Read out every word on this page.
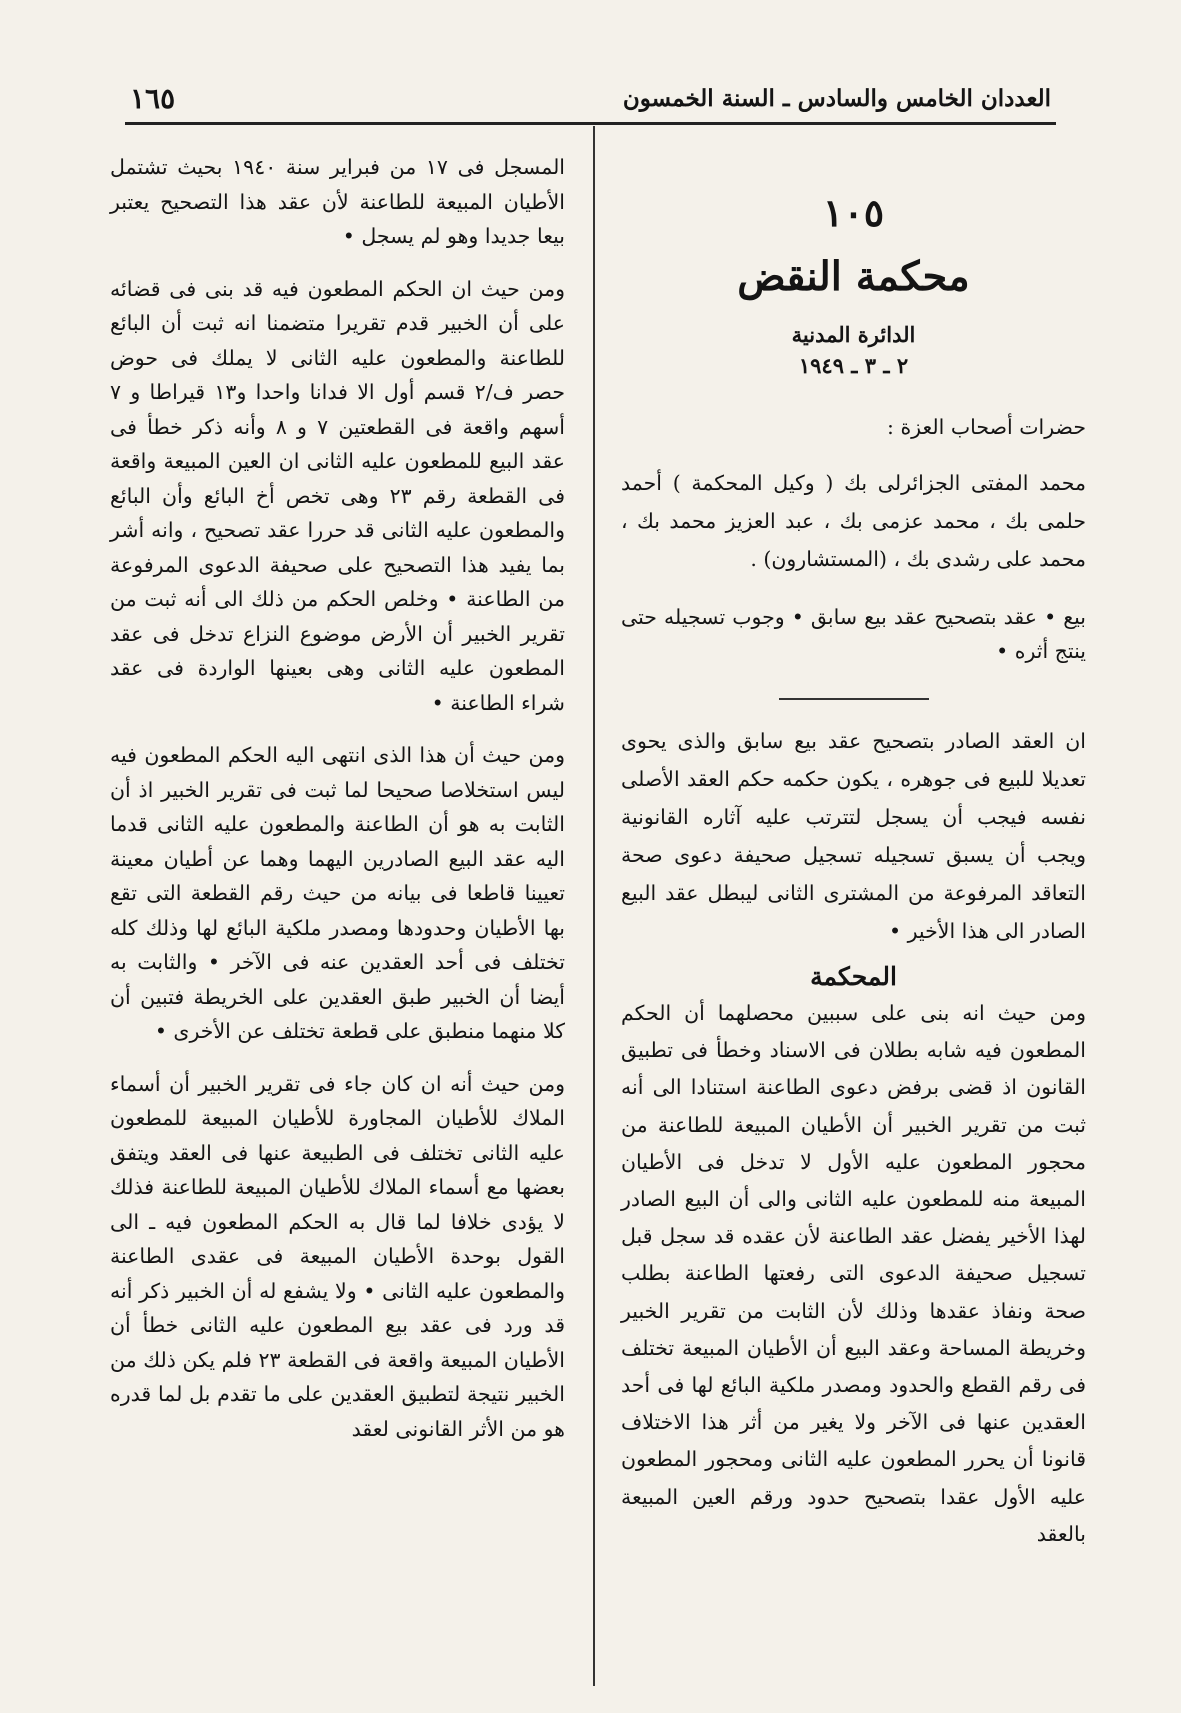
العددان الخامس والسادس ـ السنة الخمسون
١٦٥
١٠٥
محكمة النقض
الدائرة المدنية
٢ ـ ٣ ـ ١٩٤٩

حضرات أصحاب العزة :

محمد المفتى الجزائرلى بك ( وكيل المحكمة ) أحمد حلمى بك ، محمد عزمى بك ، عبد العزيز محمد بك ، محمد على رشدى بك ، (المستشارون) .

بيع • عقد بتصحيح عقد بيع سابق • وجوب تسجيله حتى ينتج أثره •

ان العقد الصادر بتصحيح عقد بيع سابق والذى يحوى تعديلا للبيع فى جوهره ، يكون حكمه حكم العقد الأصلى نفسه فيجب أن يسجل لتترتب عليه آثاره القانونية ويجب أن يسبق تسجيله تسجيل صحيفة دعوى صحة التعاقد المرفوعة من المشترى الثانى ليبطل عقد البيع الصادر الى هذا الأخير •

المحكمة

ومن حيث انه بنى على سببين محصلهما أن الحكم المطعون فيه شابه بطلان فى الاسناد وخطأ فى تطبيق القانون اذ قضى برفض دعوى الطاعنة استنادا الى أنه ثبت من تقرير الخبير أن الأطيان المبيعة للطاعنة من محجور المطعون عليه الأول لا تدخل فى الأطيان المبيعة منه للمطعون عليه الثانى والى أن البيع الصادر لهذا الأخير يفضل عقد الطاعنة لأن عقده قد سجل قبل تسجيل صحيفة الدعوى التى رفعتها الطاعنة بطلب صحة ونفاذ عقدها وذلك لأن الثابت من تقرير الخبير وخريطة المساحة وعقد البيع أن الأطيان المبيعة تختلف فى رقم القطع والحدود ومصدر ملكية البائع لها فى أحد العقدين عنها فى الآخر ولا يغير من أثر هذا الاختلاف قانونا أن يحرر المطعون عليه الثانى ومحجور المطعون عليه الأول عقدا بتصحيح حدود ورقم العين المبيعة بالعقد

المسجل فى ١٧ من فبراير سنة ١٩٤٠ بحيث تشتمل الأطيان المبيعة للطاعنة لأن عقد هذا التصحيح يعتبر بيعا جديدا وهو لم يسجل •

ومن حيث ان الحكم المطعون فيه قد بنى فى قضائه على أن الخبير قدم تقريرا متضمنا انه ثبت أن البائع للطاعنة والمطعون عليه الثانى لا يملك فى حوض حصر ف/٢ قسم أول الا فدانا واحدا و١٣ قيراطا و ٧ أسهم واقعة فى القطعتين ٧ و ٨ وأنه ذكر خطأ فى عقد البيع للمطعون عليه الثانى ان العين المبيعة واقعة فى القطعة رقم ٢٣ وهى تخص أخ البائع وأن البائع والمطعون عليه الثانى قد حررا عقد تصحيح ، وانه أشر بما يفيد هذا التصحيح على صحيفة الدعوى المرفوعة من الطاعنة • وخلص الحكم من ذلك الى أنه ثبت من تقرير الخبير أن الأرض موضوع النزاع تدخل فى عقد المطعون عليه الثانى وهى بعينها الواردة فى عقد شراء الطاعنة •

ومن حيث أن هذا الذى انتهى اليه الحكم المطعون فيه ليس استخلاصا صحيحا لما ثبت فى تقرير الخبير اذ أن الثابت به هو أن الطاعنة والمطعون عليه الثانى قدما اليه عقد البيع الصادرين اليهما وهما عن أطيان معينة تعيينا قاطعا فى بيانه من حيث رقم القطعة التى تقع بها الأطيان وحدودها ومصدر ملكية البائع لها وذلك كله تختلف فى أحد العقدين عنه فى الآخر • والثابت به أيضا أن الخبير طبق العقدين على الخريطة فتبين أن كلا منهما منطبق على قطعة تختلف عن الأخرى •

ومن حيث أنه ان كان جاء فى تقرير الخبير أن أسماء الملاك للأطيان المجاورة للأطيان المبيعة للمطعون عليه الثانى تختلف فى الطبيعة عنها فى العقد ويتفق بعضها مع أسماء الملاك للأطيان المبيعة للطاعنة فذلك لا يؤدى خلافا لما قال به الحكم المطعون فيه ـ الى القول بوحدة الأطيان المبيعة فى عقدى الطاعنة والمطعون عليه الثانى • ولا يشفع له أن الخبير ذكر أنه قد ورد فى عقد بيع المطعون عليه الثانى خطأ أن الأطيان المبيعة واقعة فى القطعة ٢٣ فلم يكن ذلك من الخبير نتيجة لتطبيق العقدين على ما تقدم بل لما قدره هو من الأثر القانونى لعقد
